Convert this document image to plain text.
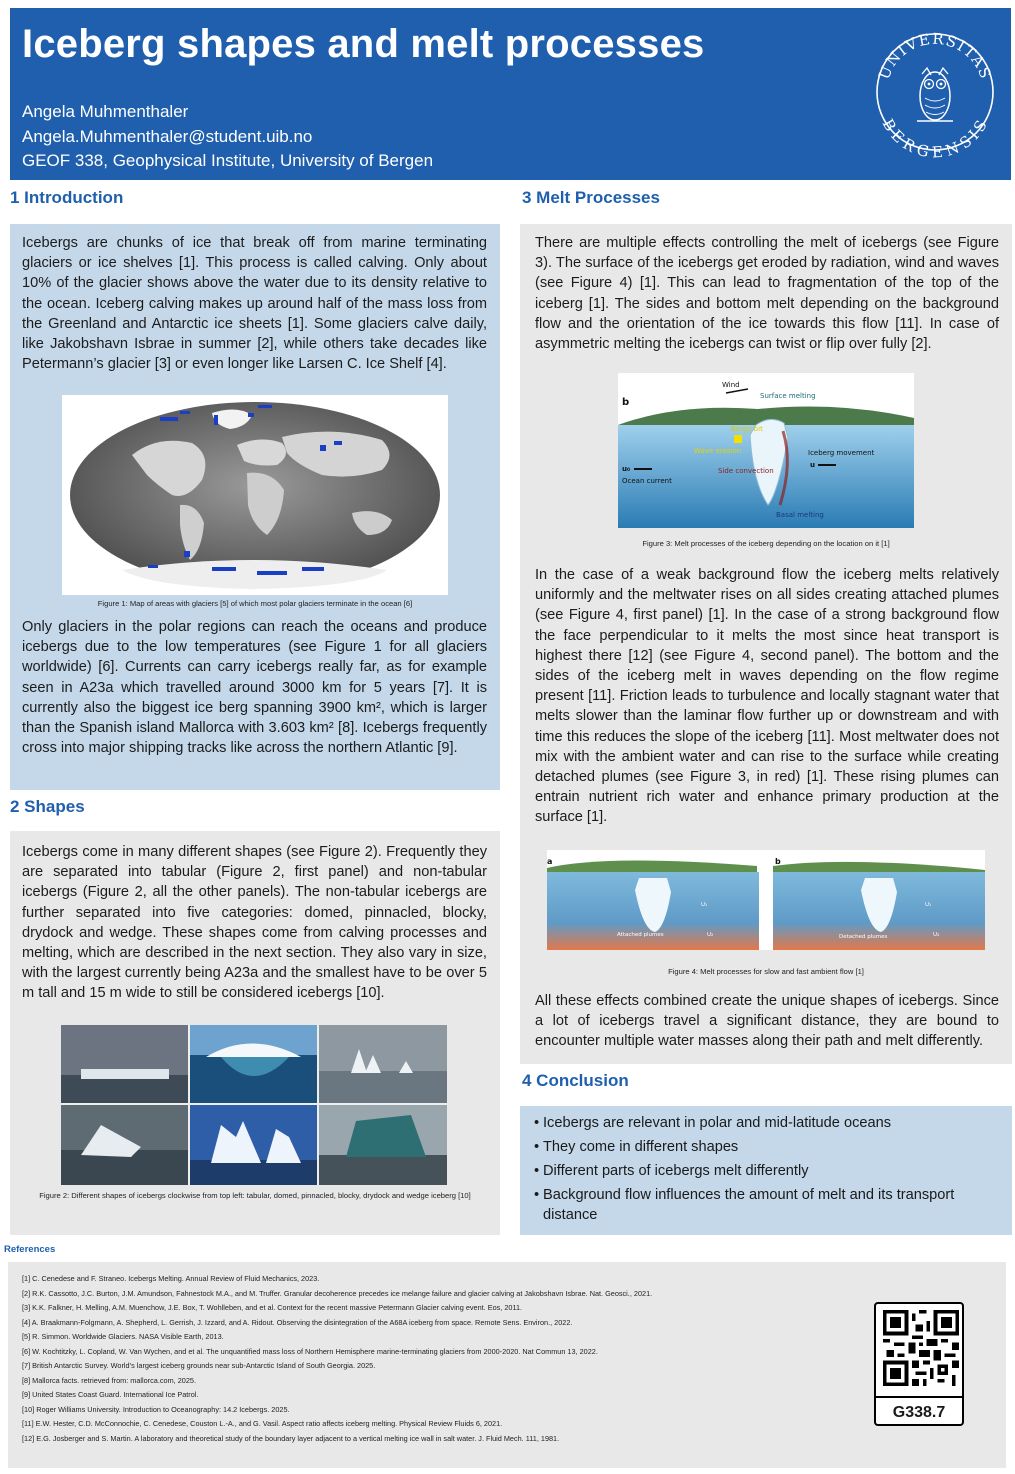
Iceberg shapes and melt processes
Angela Muhmenthaler
Angela.Muhmenthaler@student.uib.no
GEOF 338, Geophysical Institute, University of Bergen
UNIVERSITAS
BERGENSIS
1 Introduction
Icebergs are chunks of ice that break off from marine terminating glaciers or ice shelves [1]. This process is called calving. Only about 10% of the glacier shows above the water due to its density relative to the ocean. Iceberg calving makes up around half of the mass loss from the Greenland and Antarctic ice sheets [1]. Some glaciers calve daily, like Jakobshavn Isbrae in summer [2], while others take decades like Petermann’s glacier [3] or even longer like Larsen C. Ice Shelf [4].
Figure 1: Map of areas with glaciers [5] of which most polar glaciers terminate in the ocean [6]
Only glaciers in the polar regions can reach the oceans and produce icebergs due to the low temperatures (see Figure 1 for all glaciers worldwide) [6]. Currents can carry icebergs really far, as for example seen in A23a which travelled around 3000 km for 5 years [7]. It is currently also the biggest ice berg spanning 3900 km², which is larger than the Spanish island Mallorca with 3.603 km² [8]. Icebergs frequently cross into major shipping tracks like across the northern Atlantic [9].
2 Shapes
Icebergs come in many different shapes (see Figure 2). Frequently they are separated into tabular (Figure 2, first panel) and non-tabular icebergs (Figure 2, all the other panels). The non-tabular icebergs are further separated into five categories: domed, pinnacled, blocky, drydock and wedge. These shapes come from calving processes and melting, which are described in the next section. They also vary in size, with the largest currently being A23a and the smallest have to be over 5 m tall and 15 m wide to still be considered icebergs [10].
Figure 2: Different shapes of icebergs clockwise from top left: tabular, domed, pinnacled, blocky, drydock and wedge iceberg [10]
3 Melt Processes
There are multiple effects controlling the melt of icebergs (see Figure 3). The surface of the icebergs get eroded by radiation, wind and waves (see Figure 4) [1]. This can lead to fragmentation of the top of the iceberg [1]. The sides and bottom melt depending on the background flow and the orientation of the ice towards this flow [11]. In case of asymmetric melting the icebergs can twist or flip over fully [2].
b
Wind
Surface melting
Bergy bit
Wave erosion
Side convection
u₀
Ocean current
Iceberg movement
u
Basal melting
Figure 3: Melt processes of the iceberg depending on the location on it [1]
In the case of a weak background flow the iceberg melts relatively uniformly and the meltwater rises on all sides creating attached plumes (see Figure 4, first panel) [1]. In the case of a strong background flow the face perpendicular to it melts the most since heat transport is highest there [12] (see Figure 4, second panel). The bottom and the sides of the iceberg melt in waves depending on the flow regime present [11]. Friction leads to turbulence and locally stagnant water that melts slower than the laminar flow further up or downstream and with time this reduces the slope of the iceberg [11]. Most meltwater does not mix with the ambient water and can rise to the surface while creating detached plumes (see Figure 3, in red) [1]. These rising plumes can entrain nutrient rich water and enhance primary production at the surface [1].
a
Attached plumes
U₁
U₂
b
Detached plumes
U₁
U₂
Figure 4: Melt processes for slow and fast ambient flow [1]
All these effects combined create the unique shapes of icebergs. Since a lot of icebergs travel a significant distance, they are bound to encounter multiple water masses along their path and melt differently.
4 Conclusion
• Icebergs are relevant in polar and mid-latitude oceans
• They come in different shapes
• Different parts of icebergs melt differently
• Background flow influences the amount of melt and its transport distance
References
[1] C. Cenedese and F. Straneo. Icebergs Melting. Annual Review of Fluid Mechanics, 2023.
[2] R.K. Cassotto, J.C. Burton, J.M. Amundson, Fahnestock M.A., and M. Truffer. Granular decoherence precedes ice melange failure and glacier calving at Jakobshavn Isbrae. Nat. Geosci., 2021.
[3] K.K. Falkner, H. Melling, A.M. Muenchow, J.E. Box, T. Wohlleben, and et al. Context for the recent massive Petermann Glacier calving event. Eos, 2011.
[4] A. Braakmann-Folgmann, A. Shepherd, L. Gerrish, J. Izzard, and A. Ridout. Observing the disintegration of the A68A iceberg from space. Remote Sens. Environ., 2022.
[5] R. Simmon. Worldwide Glaciers. NASA Visible Earth, 2013.
[6] W. Kochtitzky, L. Copland, W. Van Wychen, and et al. The unquantified mass loss of Northern Hemisphere marine-terminating glaciers from 2000-2020. Nat Commun 13, 2022.
[7] British Antarctic Survey. World’s largest iceberg grounds near sub-Antarctic Island of South Georgia. 2025.
[8] Mallorca facts. retrieved from: mallorca.com, 2025.
[9] United States Coast Guard. International Ice Patrol.
[10] Roger Williams University. Introduction to Oceanography: 14.2 Icebergs. 2025.
[11] E.W. Hester, C.D. McConnochie, C. Cenedese, Couston L.-A., and G. Vasil. Aspect ratio affects iceberg melting. Physical Review Fluids 6, 2021.
[12] E.G. Josberger and S. Martin. A laboratory and theoretical study of the boundary layer adjacent to a vertical melting ice wall in salt water. J. Fluid Mech. 111, 1981.
G338.7
